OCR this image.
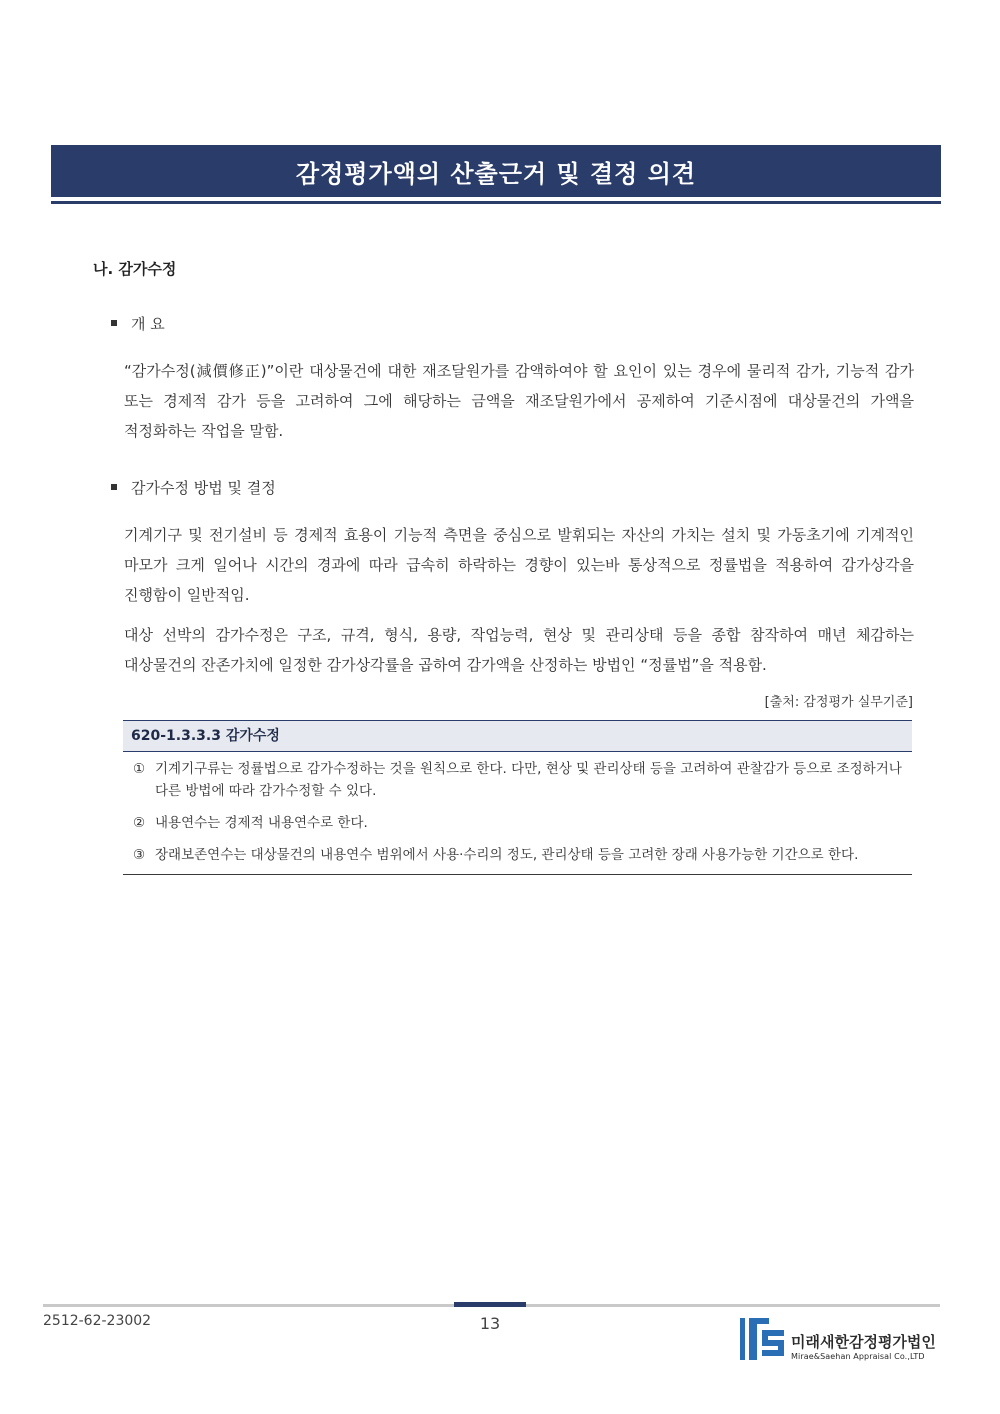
감정평가액의 산출근거 및 결정 의견
나. 감가수정
개 요
“감가수정(減價修正)”이란 대상물건에 대한 재조달원가를 감액하여야 할 요인이 있는 경우에 물리적 감가, 기능적 감가 또는 경제적 감가 등을 고려하여 그에 해당하는 금액을 재조달원가에서 공제하여 기준시점에 대상물건의 가액을 적정화하는 작업을 말함.
감가수정 방법 및 결정
기계기구 및 전기설비 등 경제적 효용이 기능적 측면을 중심으로 발휘되는 자산의 가치는 설치 및 가동초기에 기계적인 마모가 크게 일어나 시간의 경과에 따라 급속히 하락하는 경향이 있는바 통상적으로 정률법을 적용하여 감가상각을 진행함이 일반적임.
대상 선박의 감가수정은 구조, 규격, 형식, 용량, 작업능력, 현상 및 관리상태 등을 종합 참작하여 매년 체감하는 대상물건의 잔존가치에 일정한 감가상각률을 곱하여 감가액을 산정하는 방법인 “정률법”을 적용함.
[출처: 감정평가 실무기준]
620-1.3.3.3 감가수정
① 기계기구류는 정률법으로 감가수정하는 것을 원칙으로 한다. 다만, 현상 및 관리상태 등을 고려하여 관찰감가 등으로 조정하거나 다른 방법에 따라 감가수정할 수 있다.
② 내용연수는 경제적 내용연수로 한다.
③ 장래보존연수는 대상물건의 내용연수 범위에서 사용·수리의 정도, 관리상태 등을 고려한 장래 사용가능한 기간으로 한다.
2512-62-23002	13
미래새한감정평가법인
Mirae&Saehan Appraisal Co.,LTD
